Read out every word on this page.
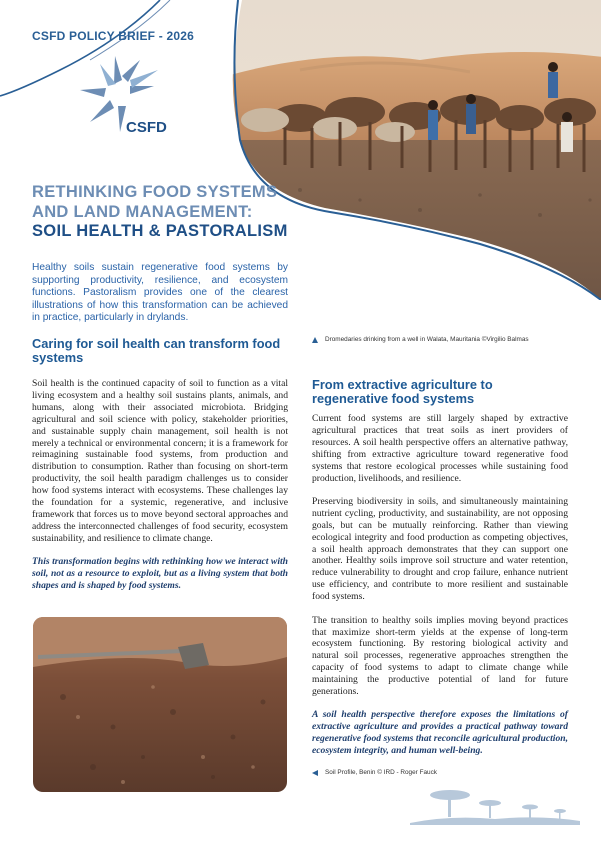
CSFD POLICY BRIEF - 2026
CSFD
RETHINKING FOOD SYSTEMS
AND LAND MANAGEMENT:
SOIL HEALTH & PASTORALISM
Healthy soils sustain regenerative food systems by supporting productivity, resilience, and ecosystem functions. Pastoralism provides one of the clearest illustrations of how this transformation can be achieved in practice, particularly in drylands.
Dromedaries drinking from a well in Walata, Mauritania ©Virgilio Balmas
Caring for soil health can transform food systems

Soil health is the continued capacity of soil to function as a vital living ecosystem and a healthy soil sustains plants, animals, and humans, along with their associated microbiota. Bridging agricultural and soil science with policy, stakeholder priorities, and sustainable supply chain management, soil health is not merely a technical or environmental concern; it is a framework for reimagining sustainable food systems, from production and distribution to consumption. Rather than focusing on short-term productivity, the soil health paradigm challenges us to consider how food systems interact with ecosystems. These challenges lay the foundation for a systemic, regenerative, and inclusive framework that forces us to move beyond sectoral approaches and address the interconnected challenges of food security, ecosystem sustainability, and resilience to climate change.

This transformation begins with rethinking how we interact with soil, not as a resource to exploit, but as a living system that both shapes and is shaped by food systems.

From extractive agriculture to regenerative food systems

Current food systems are still largely shaped by extractive agricultural practices that treat soils as inert providers of resources. A soil health perspective offers an alternative pathway, shifting from extractive agriculture toward regenerative food systems that restore ecological processes while sustaining food production, livelihoods, and resilience.

Preserving biodiversity in soils, and simultaneously maintaining nutrient cycling, productivity, and sustainability, are not opposing goals, but can be mutually reinforcing. Rather than viewing ecological integrity and food production as competing objectives, a soil health approach demonstrates that they can support one another. Healthy soils improve soil structure and water retention, reduce vulnerability to drought and crop failure, enhance nutrient use efficiency, and contribute to more resilient and sustainable food systems.

The transition to healthy soils implies moving beyond practices that maximize short-term yields at the expense of long-term ecosystem functioning. By restoring biological activity and natural soil processes, regenerative approaches strengthen the capacity of food systems to adapt to climate change while maintaining the productive potential of land for future generations.

A soil health perspective therefore exposes the limitations of extractive agriculture and provides a practical pathway toward regenerative food systems that reconcile agricultural production, ecosystem integrity, and human well-being.

Soil Profile, Benin © IRD - Roger Fauck
